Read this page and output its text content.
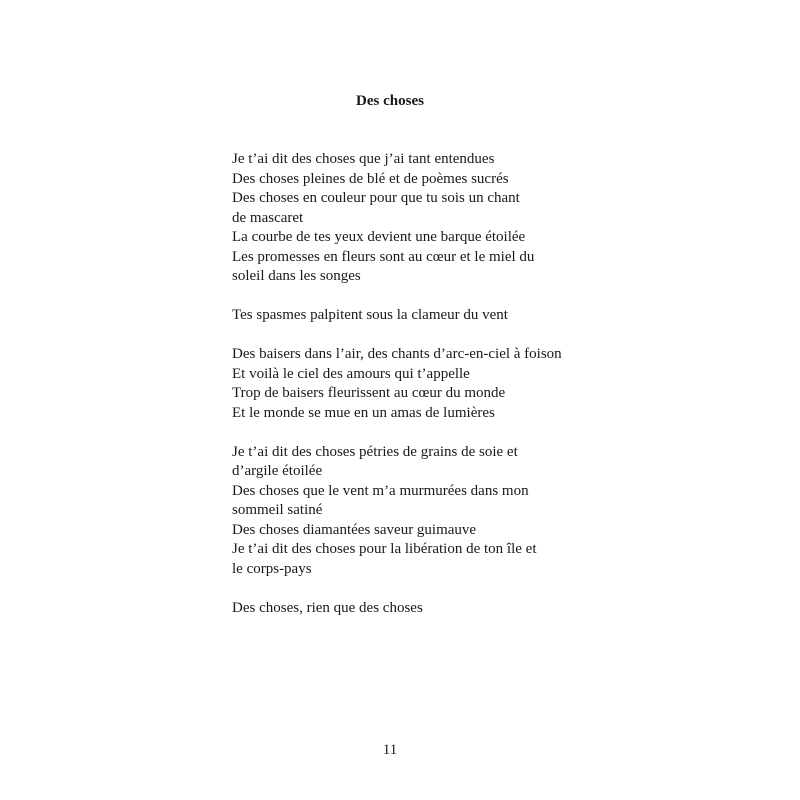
Des choses

Je t’ai dit des choses que j’ai tant entendues
Des choses pleines de blé et de poèmes sucrés
Des choses en couleur pour que tu sois un chant
de mascaret
La courbe de tes yeux devient une barque étoilée
Les promesses en fleurs sont au cœur et le miel du
soleil dans les songes

Tes spasmes palpitent sous la clameur du vent

Des baisers dans l’air, des chants d’arc-en-ciel à foison
Et voilà le ciel des amours qui t’appelle
Trop de baisers fleurissent au cœur du monde
Et le monde se mue en un amas de lumières

Je t’ai dit des choses pétries de grains de soie et
d’argile étoilée
Des choses que le vent m’a murmurées dans mon
sommeil satiné
Des choses diamantées saveur guimauve
Je t’ai dit des choses pour la libération de ton île et
le corps-pays

Des choses, rien que des choses

11
